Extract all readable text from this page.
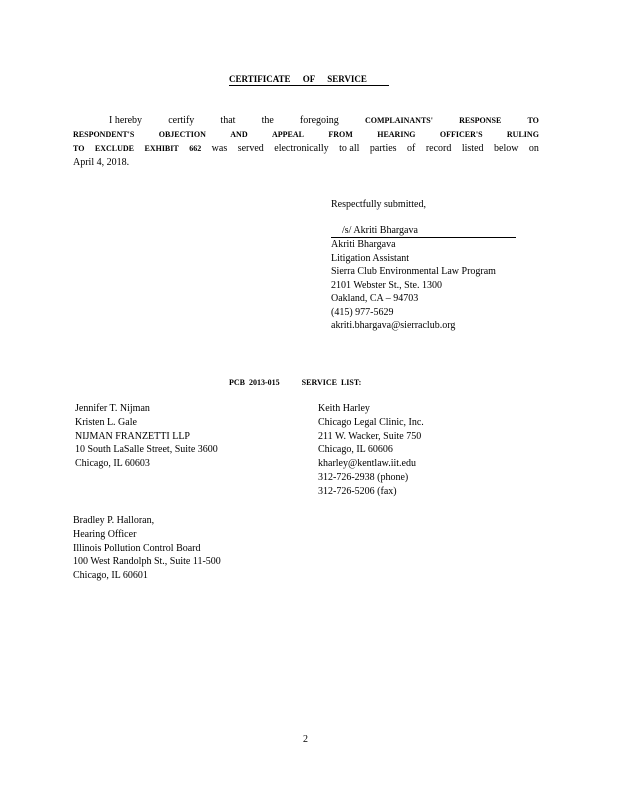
CERTIFICATE OF SERVICE
I hereby	certify	that	the	foregoing	COMPLAINANTS'	RESPONSE	TO
RESPONDENT'S	OBJECTION	AND	APPEAL	FROM	HEARING	OFFICER'S	RULING
TO EXCLUDE EXHIBIT 662 was served electronically to all parties of record listed below on
April 4, 2018.
Respectfully submitted,
/s/ Akriti Bhargava
Akriti Bhargava
Litigation Assistant
Sierra Club Environmental Law Program
2101 Webster St., Ste. 1300
Oakland, CA – 94703
(415) 977-5629
akriti.bhargava@sierraclub.org
PCB 2013-015	SERVICE LIST:
Jennifer T. Nijman
Kristen L. Gale
NIJMAN FRANZETTI LLP
10 South LaSalle Street, Suite 3600
Chicago, IL 60603
Keith Harley
Chicago Legal Clinic, Inc.
211 W. Wacker, Suite 750
Chicago, IL 60606
kharley@kentlaw.iit.edu
312-726-2938 (phone)
312-726-5206 (fax)
Bradley P. Halloran,
Hearing Officer
Illinois Pollution Control Board
100 West Randolph St., Suite 11-500
Chicago, IL 60601
2
